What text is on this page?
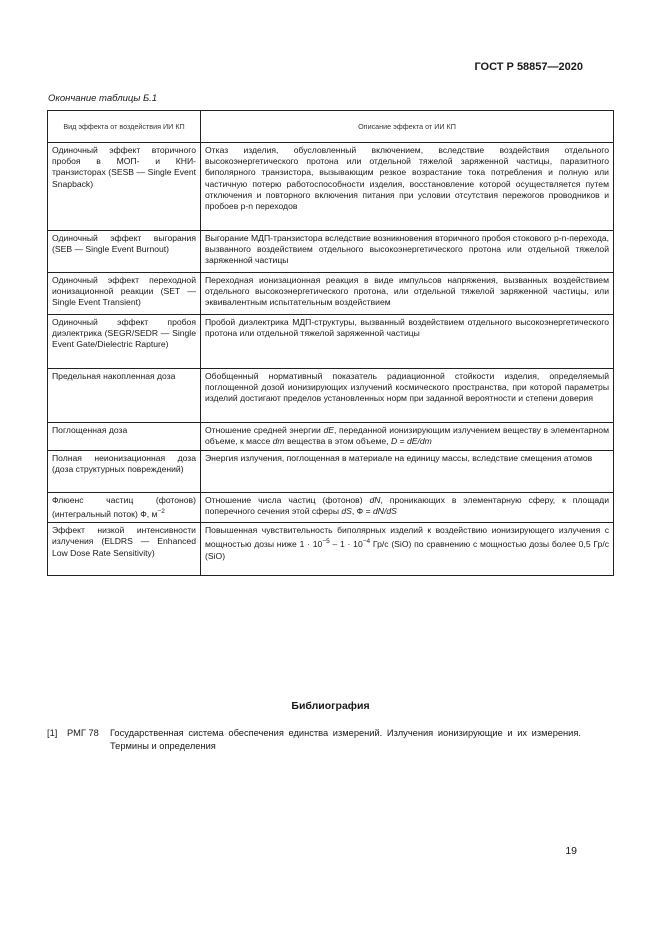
ГОСТ Р 58857—2020
Окончание таблицы Б.1
Вид эффекта от воздействия ИИ КП	Описание эффекта от ИИ КП
Одиночный эффект вторичного пробоя в МОП- и КНИ-транзисторах (SESB — Single Event Snapback)	Отказ изделия, обусловленный включением, вследствие воздействия отдельного высокоэнергетического протона или отдельной тяжелой заряженной частицы, паразитного биполярного транзистора, вызывающим резкое возрастание тока потребления и полную или частичную потерю работоспособности изделия, восстановление которой осуществляется путем отключения и повторного включения питания при условии отсутствия пережогов проводников и пробоев p-n переходов
Одиночный эффект выгорания (SEB — Single Event Burnout)	Выгорание МДП-транзистора вследствие возникновения вторичного пробоя стокового p-n-перехода, вызванного воздействием отдельного высокоэнергетического протона или отдельной тяжелой заряженной частицы
Одиночный эффект переходной ионизационной реакции (SET — Single Event Transient)	Переходная ионизационная реакция в виде импульсов напряжения, вызванных воздействием отдельного высокоэнергетического протона, или отдельной тяжелой заряженной частицы, или эквивалентным испытательным воздействием
Одиночный эффект пробоя диэлектрика (SEGR/SEDR — Single Event Gate/Dielectric Rapture)	Пробой диэлектрика МДП-структуры, вызванный воздействием отдельного высокоэнергетического протона или отдельной тяжелой заряженной частицы
Предельная накопленная доза	Обобщенный нормативный показатель радиационной стойкости изделия, определяемый поглощенной дозой ионизирующих излучений космического пространства, при которой параметры изделий достигают пределов установленных норм при заданной вероятности и степени доверия
Поглощенная доза	Отношение средней энергии dE, переданной ионизирующим излучением веществу в элементарном объеме, к массе dm вещества в этом объеме, D = dE/dm
Полная неионизационная доза (доза структурных повреждений)	Энергия излучения, поглощенная в материале на единицу массы, вследствие смещения атомов
Флюенс частиц (фотонов) (интегральный поток) Ф, $м^{-2}$	Отношение числа частиц (фотонов) dN, проникающих в элементарную сферу, к площади поперечного сечения этой сферы dS, Ф = dN/dS
Эффект низкой интенсивности излучения (ELDRS — Enhanced Low Dose Rate Sensitivity)	Повышенная чувствительность биполярных изделий к воздействию ионизирующего излучения с мощностью дозы ниже $1 \cdot 10^{-5} - 1 \cdot 10^{-4}$ Гр/с (SiO) по сравнению с мощностью дозы более 0,5 Гр/с (SiO)
Библиография
[1] РМГ 78 Государственная система обеспечения единства измерений. Излучения ионизирующие и их измерения. Термины и определения
19
